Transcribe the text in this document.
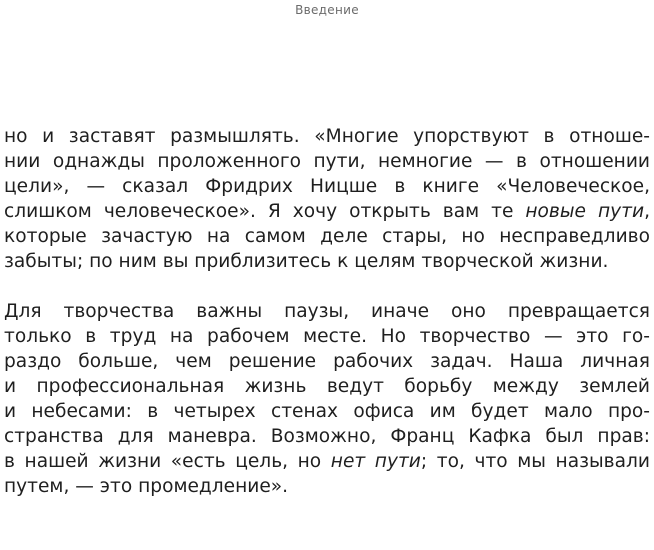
Введение
но и заставят размышлять. «Многие упорствуют в отноше-
нии однажды проложенного пути, немногие — в отношении
цели», — сказал Фридрих Ницше в книге «Человеческое,
слишком человеческое». Я хочу открыть вам те новые пути,
которые зачастую на самом деле стары, но несправедливо
забыты; по ним вы приблизитесь к целям творческой жизни.
Для творчества важны паузы, иначе оно превращается
только в труд на рабочем месте. Но творчество — это го-
раздо больше, чем решение рабочих задач. Наша личная
и профессиональная жизнь ведут борьбу между землей
и небесами: в четырех стенах офиса им будет мало про-
странства для маневра. Возможно, Франц Кафка был прав:
в нашей жизни «есть цель, но нет пути; то, что мы называли
путем, — это промедление».
